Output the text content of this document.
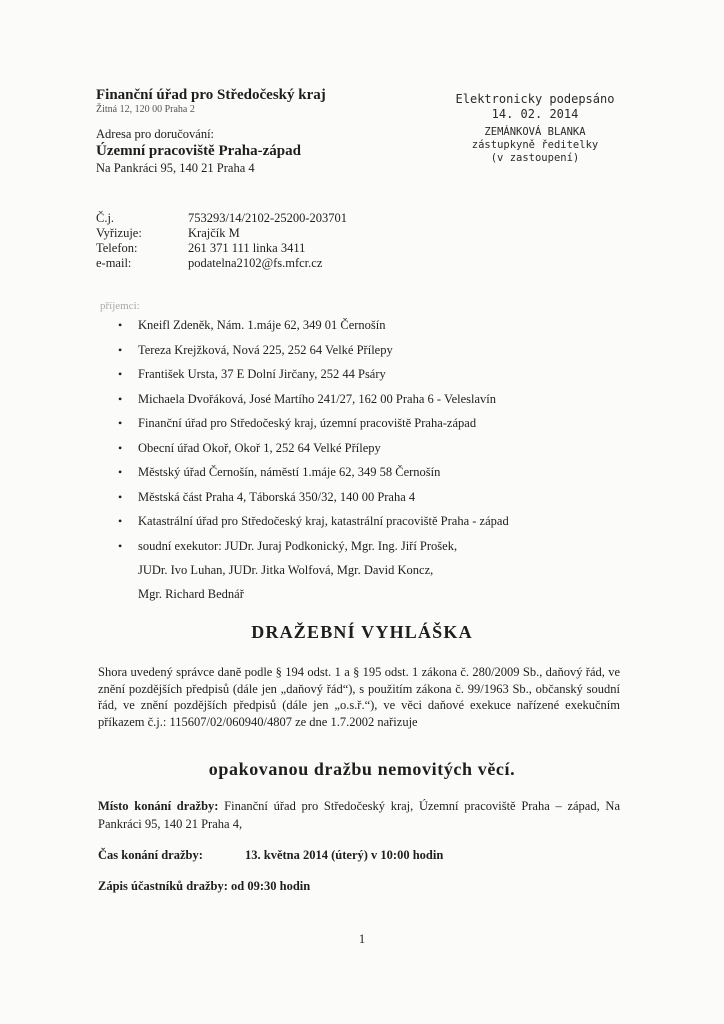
Finanční úřad pro Středočeský kraj
Žitná 12, 120 00 Praha 2
Adresa pro doručování:
Územní pracoviště Praha-západ
Na Pankráci 95, 140 21 Praha 4
Elektronicky podepsáno
14. 02. 2014
ZEMÁNKOVÁ BLANKA
zástupkyně ředitelky
(v zastoupení)
Č.j.	753293/14/2102-25200-203701
Vyřizuje:	Krajčík M
Telefon:	261 371 111 linka 3411
e-mail:	podatelna2102@fs.mfcr.cz
příjemci:
• Kneifl Zdeněk, Nám. 1.máje 62, 349 01 Černošín
• Tereza Krejžková, Nová 225, 252 64 Velké Přílepy
• František Ursta, 37 E Dolní Jirčany, 252 44 Psáry
• Michaela Dvořáková, José Martího 241/27, 162 00 Praha 6 - Veleslavín
• Finanční úřad pro Středočeský kraj, územní pracoviště Praha-západ
• Obecní úřad Okoř, Okoř 1, 252 64 Velké Přílepy
• Městský úřad Černošín, náměstí 1.máje 62, 349 58 Černošín
• Městská část Praha 4, Táborská 350/32, 140 00 Praha 4
• Katastrální úřad pro Středočeský kraj, katastrální pracoviště Praha - západ
• soudní exekutor: JUDr. Juraj Podkonický, Mgr. Ing. Jiří Prošek,
JUDr. Ivo Luhan, JUDr. Jitka Wolfová, Mgr. David Koncz,
Mgr. Richard Bednář
DRAŽEBNÍ VYHLÁŠKA
Shora uvedený správce daně podle § 194 odst. 1 a § 195 odst. 1 zákona č. 280/2009 Sb., daňový řád, ve znění pozdějších předpisů (dále jen „daňový řád“), s použitím zákona č. 99/1963 Sb., občanský soudní řád, ve znění pozdějších předpisů (dále jen „o.s.ř.“), ve věci daňové exekuce nařízené exekučním příkazem č.j.: 115607/02/060940/4807 ze dne 1.7.2002 nařizuje
opakovanou dražbu nemovitých věcí.
Místo konání dražby: Finanční úřad pro Středočeský kraj, Územní pracoviště Praha – západ, Na Pankráci 95, 140 21 Praha 4,
Čas konání dražby:	13. května 2014 (úterý) v 10:00 hodin
Zápis účastníků dražby: od 09:30 hodin
1
